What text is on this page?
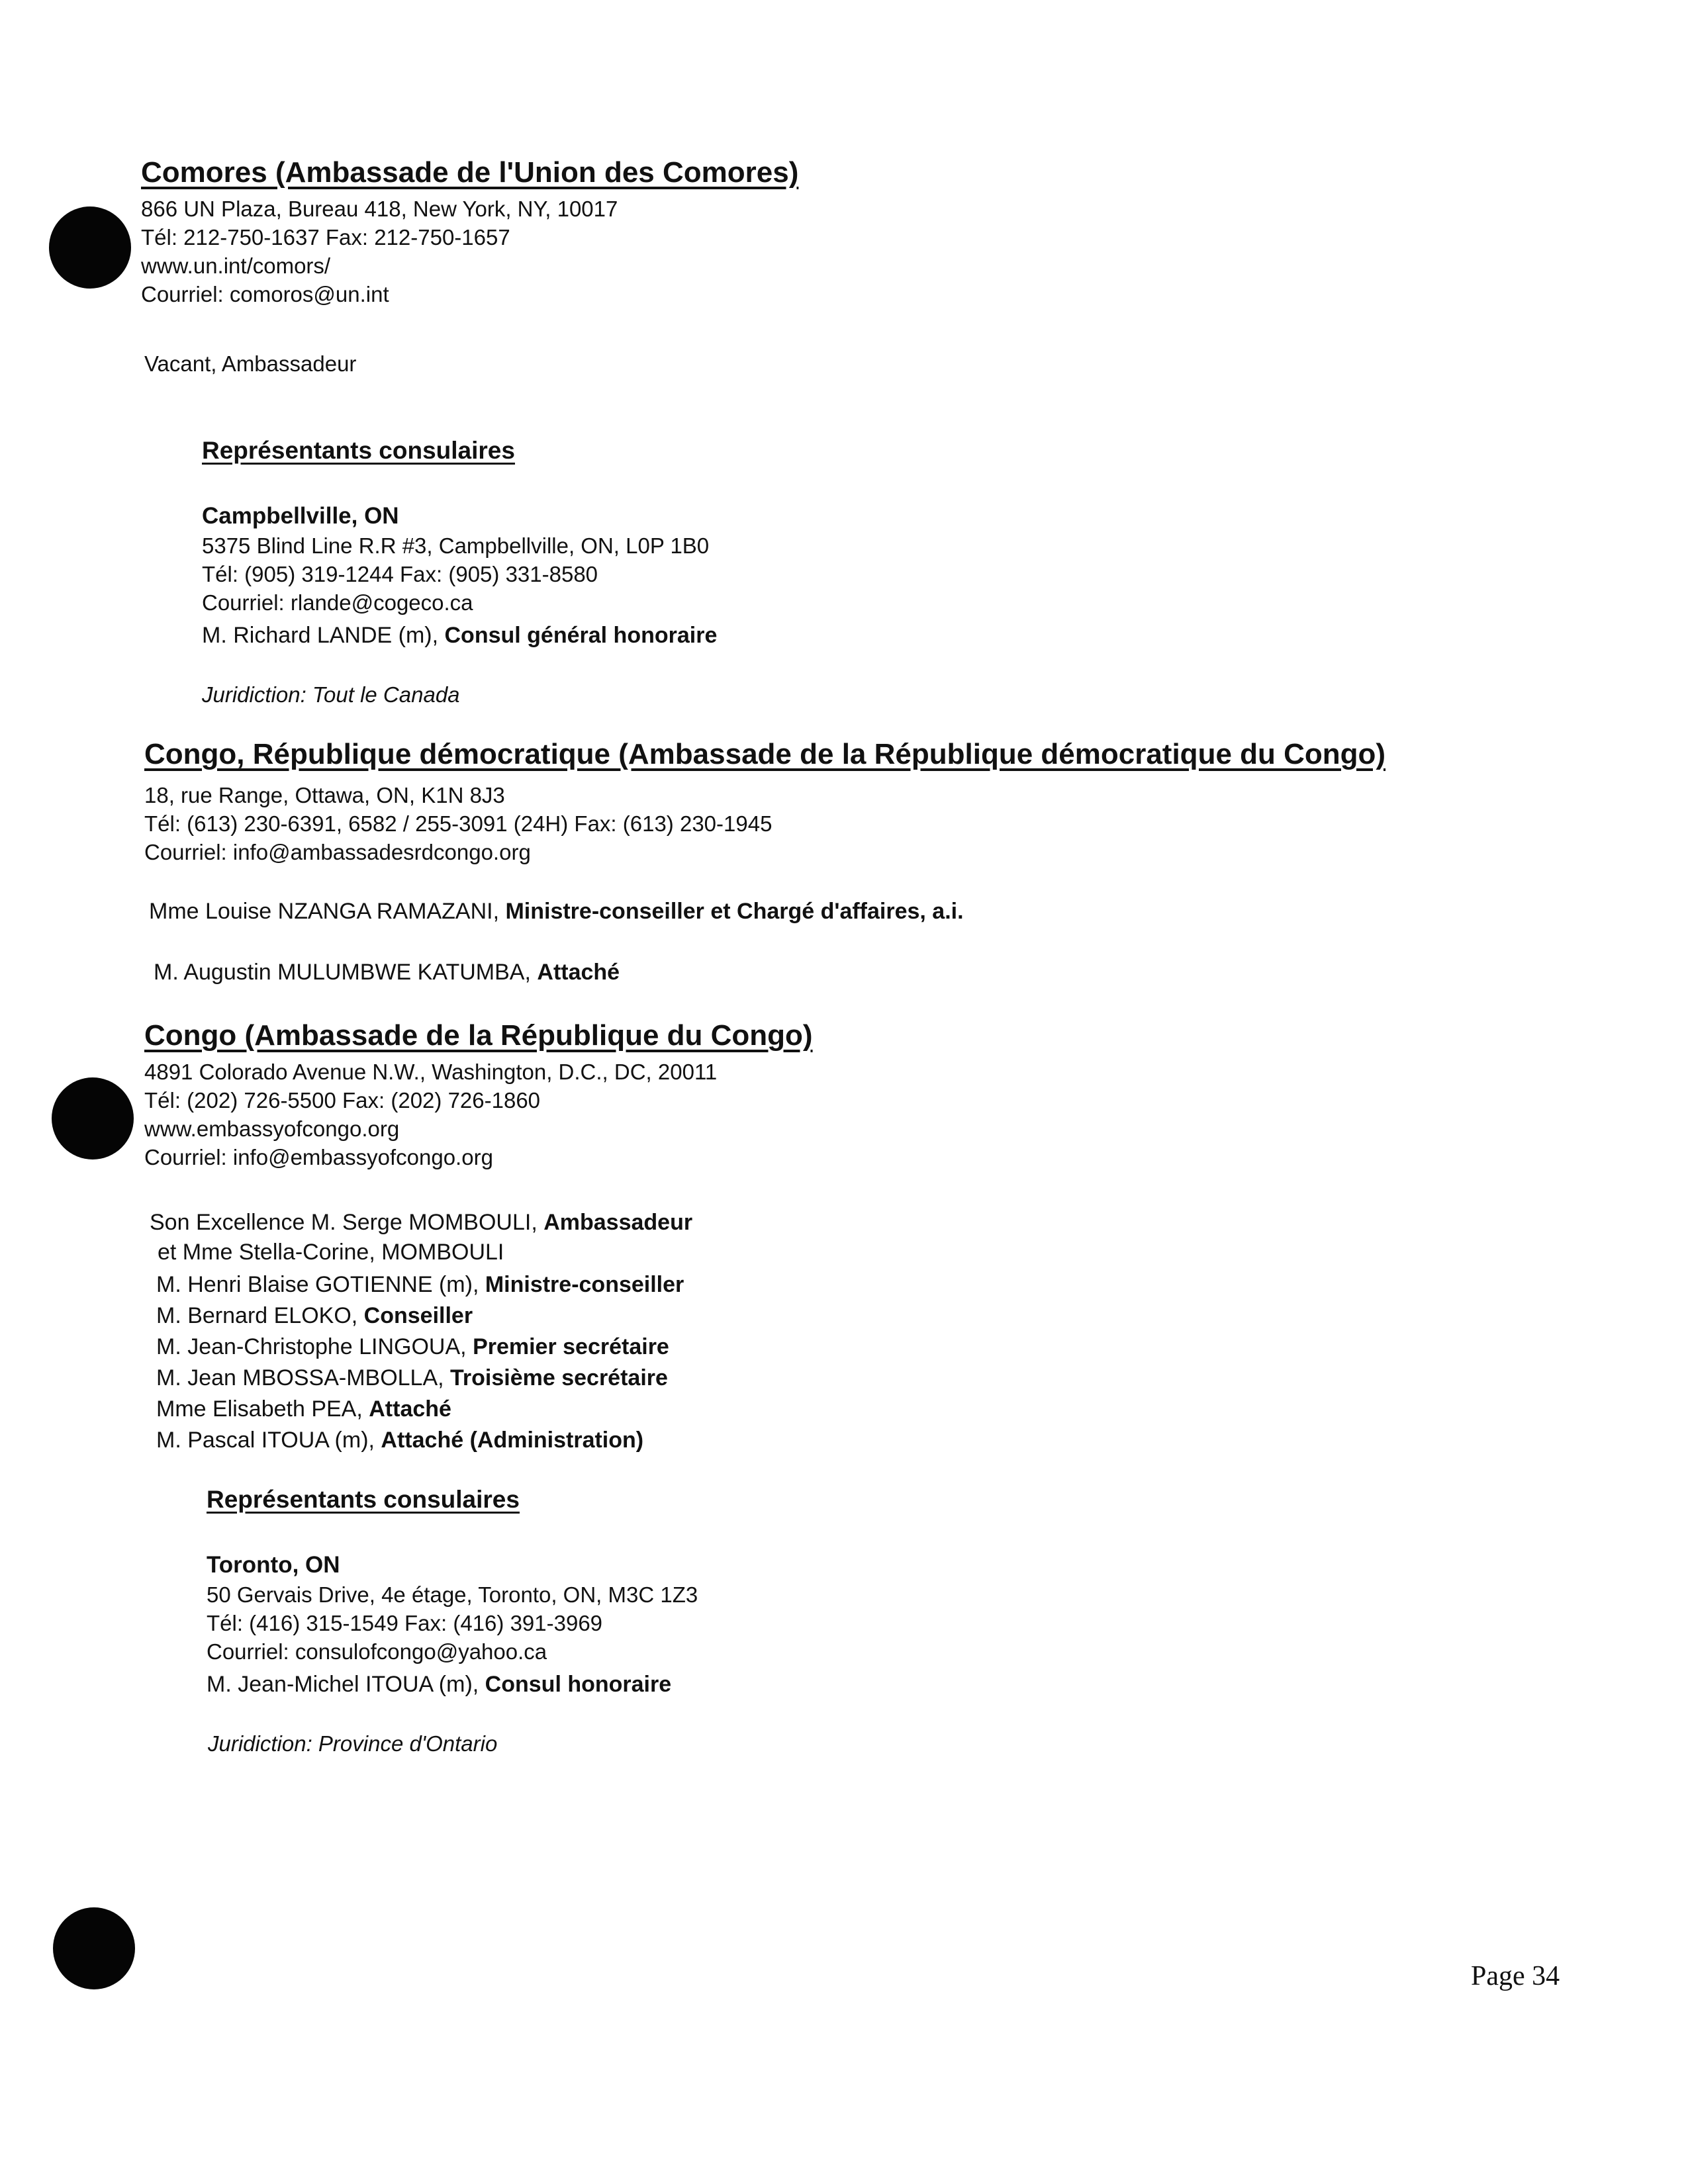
Comores (Ambassade de l'Union des Comores)
866 UN Plaza, Bureau 418, New York, NY, 10017
Tél: 212-750-1637 Fax: 212-750-1657
www.un.int/comors/
Courriel: comoros@un.int
Vacant, Ambassadeur
Représentants consulaires
Campbellville, ON
5375 Blind Line R.R #3, Campbellville, ON, L0P 1B0
Tél: (905) 319-1244 Fax: (905) 331-8580
Courriel: rlande@cogeco.ca
M. Richard LANDE (m), Consul général honoraire
Juridiction: Tout le Canada
Congo, République démocratique (Ambassade de la République démocratique du Congo)
18, rue Range, Ottawa, ON, K1N 8J3
Tél: (613) 230-6391, 6582 / 255-3091 (24H) Fax: (613) 230-1945
Courriel: info@ambassadesrdcongo.org
Mme Louise NZANGA RAMAZANI, Ministre-conseiller et Chargé d'affaires, a.i.
M. Augustin MULUMBWE KATUMBA, Attaché
Congo (Ambassade de la République du Congo)
4891 Colorado Avenue N.W., Washington, D.C., DC, 20011
Tél: (202) 726-5500 Fax: (202) 726-1860
www.embassyofcongo.org
Courriel: info@embassyofcongo.org
Son Excellence M. Serge MOMBOULI, Ambassadeur
et Mme Stella-Corine, MOMBOULI
M. Henri Blaise GOTIENNE (m), Ministre-conseiller
M. Bernard ELOKO, Conseiller
M. Jean-Christophe LINGOUA, Premier secrétaire
M. Jean MBOSSA-MBOLLA, Troisième secrétaire
Mme Elisabeth PEA, Attaché
M. Pascal ITOUA (m), Attaché (Administration)
Représentants consulaires
Toronto, ON
50 Gervais Drive, 4e étage, Toronto, ON, M3C 1Z3
Tél: (416) 315-1549 Fax: (416) 391-3969
Courriel: consulofcongo@yahoo.ca
M. Jean-Michel ITOUA (m), Consul honoraire
Juridiction: Province d'Ontario
Page 34
